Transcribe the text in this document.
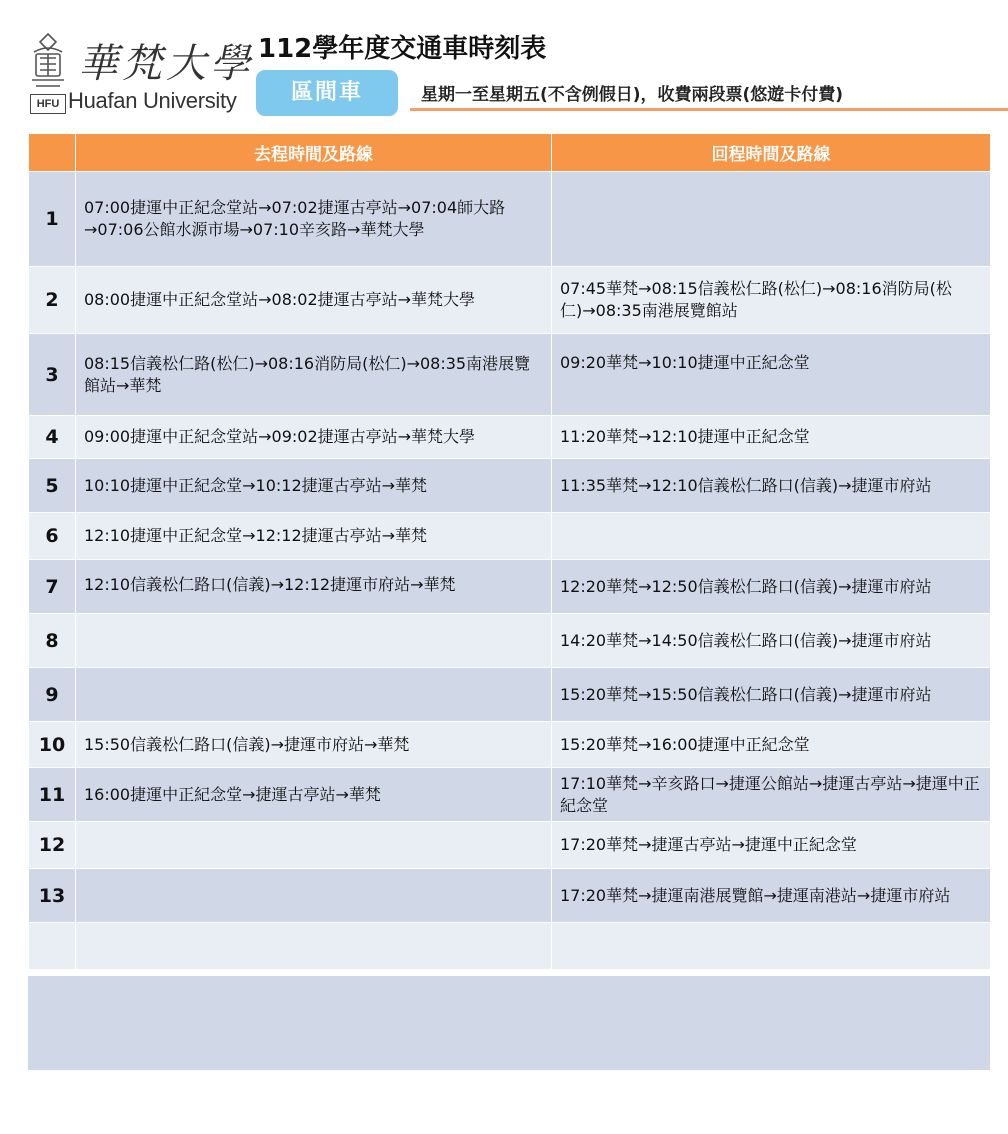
華梵大學
HFU Huafan University
112學年度交通車時刻表
區間車	星期一至星期五(不含例假日)，收費兩段票(悠遊卡付費)
	去程時間及路線	回程時間及路線
1	07:00捷運中正紀念堂站→07:02捷運古亭站→07:04師大路→07:06公館水源市場→07:10辛亥路→華梵大學	
2	08:00捷運中正紀念堂站→08:02捷運古亭站→華梵大學	07:45華梵→08:15信義松仁路(松仁)→08:16消防局(松仁)→08:35南港展覽館站
3	08:15信義松仁路(松仁)→08:16消防局(松仁)→08:35南港展覽館站→華梵	09:20華梵→10:10捷運中正紀念堂
4	09:00捷運中正紀念堂站→09:02捷運古亭站→華梵大學	11:20華梵→12:10捷運中正紀念堂
5	10:10捷運中正紀念堂→10:12捷運古亭站→華梵	11:35華梵→12:10信義松仁路口(信義)→捷運市府站
6	12:10捷運中正紀念堂→12:12捷運古亭站→華梵	
7	12:10信義松仁路口(信義)→12:12捷運市府站→華梵	12:20華梵→12:50信義松仁路口(信義)→捷運市府站
8		14:20華梵→14:50信義松仁路口(信義)→捷運市府站
9		15:20華梵→15:50信義松仁路口(信義)→捷運市府站
10	15:50信義松仁路口(信義)→捷運市府站→華梵	15:20華梵→16:00捷運中正紀念堂
11	16:00捷運中正紀念堂→捷運古亭站→華梵	17:10華梵→辛亥路口→捷運公館站→捷運古亭站→捷運中正紀念堂
12		17:20華梵→捷運古亭站→捷運中正紀念堂
13		17:20華梵→捷運南港展覽館→捷運南港站→捷運市府站
